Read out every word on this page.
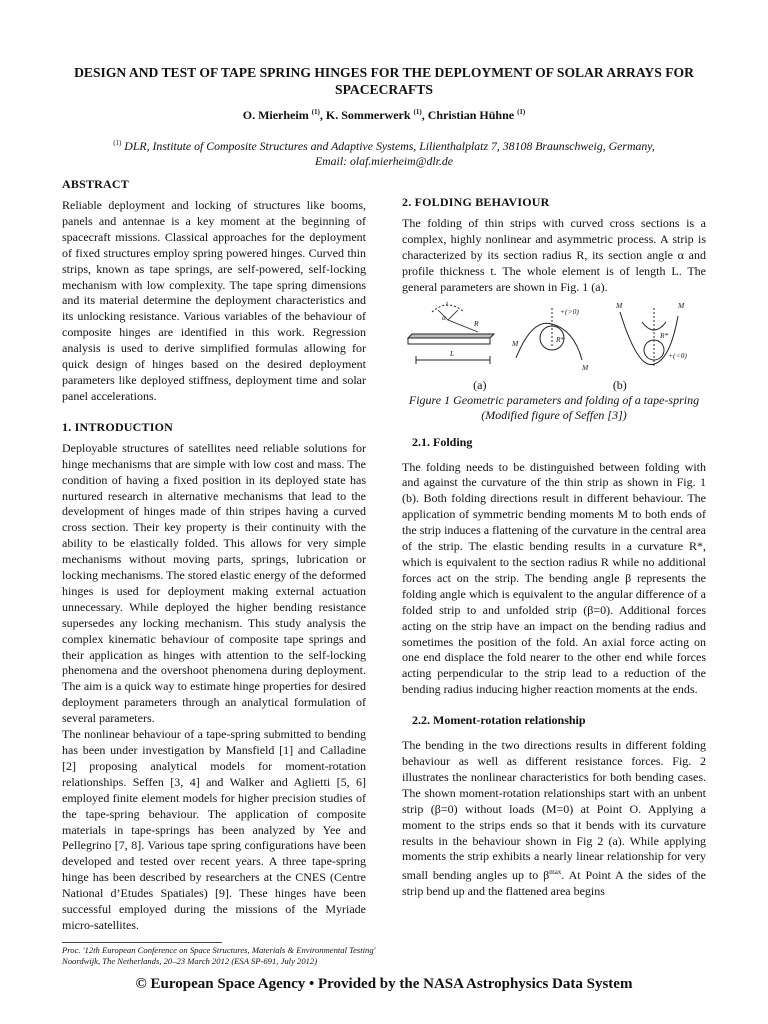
DESIGN AND TEST OF TAPE SPRING HINGES FOR THE DEPLOYMENT OF SOLAR ARRAYS FOR SPACECRAFTS
O. Mierheim $^{(1)}$, K. Sommerwerk $^{(1)}$, Christian Hühne $^{(1)}$
$^{(1)}$ DLR, Institute of Composite Structures and Adaptive Systems, Lilienthalplatz 7, 38108 Braunschweig, Germany,
Email: olaf.mierheim@dlr.de
ABSTRACT

Reliable deployment and locking of structures like booms, panels and antennae is a key moment at the beginning of spacecraft missions. Classical approaches for the deployment of fixed structures employ spring powered hinges. Curved thin strips, known as tape springs, are self-powered, self-locking mechanism with low complexity. The tape spring dimensions and its material determine the deployment characteristics and its unlocking resistance. Various variables of the behaviour of composite hinges are identified in this work. Regression analysis is used to derive simplified formulas allowing for quick design of hinges based on the desired deployment parameters like deployed stiffness, deployment time and solar panel accelerations.

1. INTRODUCTION

Deployable structures of satellites need reliable solutions for hinge mechanisms that are simple with low cost and mass. The condition of having a fixed position in its deployed state has nurtured research in alternative mechanisms that lead to the development of hinges made of thin stripes having a curved cross section. Their key property is their continuity with the ability to be elastically folded. This allows for very simple mechanisms without moving parts, springs, lubrication or locking mechanisms. The stored elastic energy of the deformed hinges is used for deployment making external actuation unnecessary. While deployed the higher bending resistance supersedes any locking mechanism. This study analysis the complex kinematic behaviour of composite tape springs and their application as hinges with attention to the self-locking phenomena and the overshoot phenomena during deployment. The aim is a quick way to estimate hinge properties for desired deployment parameters through an analytical formulation of several parameters.

The nonlinear behaviour of a tape-spring submitted to bending has been under investigation by Mansfield [1] and Calladine [2] proposing analytical models for moment-rotation relationships. Seffen [3, 4] and Walker and Aglietti [5, 6] employed finite element models for higher precision studies of the tape-spring behaviour. The application of composite materials in tape-springs has been analyzed by Yee and Pellegrino [7, 8]. Various tape spring configurations have been developed and tested over recent years. A three tape-spring hinge has been described by researchers at the CNES (Centre National d’Etudes Spatiales) [9]. These hinges have been successful employed during the missions of the Myriade micro-satellites.

2. FOLDING BEHAVIOUR

The folding of thin strips with curved cross sections is a complex, highly nonlinear and asymmetric process. A strip is characterized by its section radius R, its section angle α and profile thickness t. The whole element is of length L. The general parameters are shown in Fig. 1 (a).

t
α
R
L
M
M
+(>0)
R*
M	M
R*
+(<0)
(a)	(b)

Figure 1 Geometric parameters and folding of a tape-spring (Modified figure of Seffen [3])

2.1. Folding

The folding needs to be distinguished between folding with and against the curvature of the thin strip as shown in Fig. 1 (b). Both folding directions result in different behaviour. The application of symmetric bending moments M to both ends of the strip induces a flattening of the curvature in the central area of the strip. The elastic bending results in a curvature R*, which is equivalent to the section radius R while no additional forces act on the strip. The bending angle β represents the folding angle which is equivalent to the angular difference of a folded strip to and unfolded strip (β=0). Additional forces acting on the strip have an impact on the bending radius and sometimes the position of the fold. An axial force acting on one end displace the fold nearer to the other end while forces acting perpendicular to the strip lead to a reduction of the bending radius inducing higher reaction moments at the ends.

2.2. Moment-rotation relationship

The bending in the two directions results in different folding behaviour as well as different resistance forces. Fig. 2 illustrates the nonlinear characteristics for both bending cases. The shown moment-rotation relationships start with an unbent strip (β=0) without loads (M=0) at Point O. Applying a moment to the strips ends so that it bends with its curvature results in the behaviour shown in Fig 2 (a). While applying moments the strip exhibits a nearly linear relationship for very small bending angles up to $\beta^{max}$. At Point A the sides of the strip bend up and the flattened area begins

Proc. '12th European Conference on Space Structures, Materials & Environmental Testing'
Noordwijk, The Netherlands, 20–23 March 2012 (ESA SP-691, July 2012)
© European Space Agency • Provided by the NASA Astrophysics Data System
